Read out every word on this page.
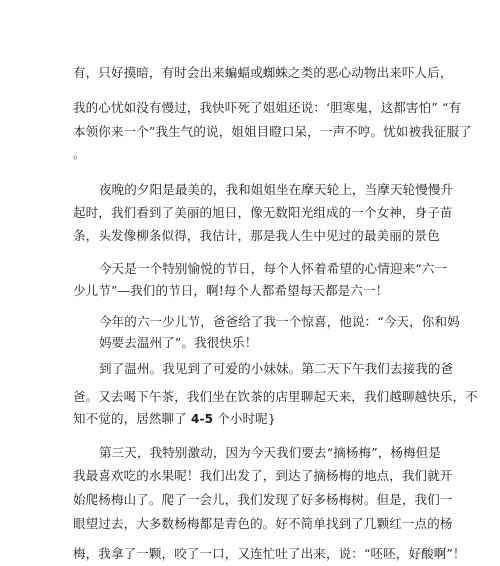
有，只好摸暗，有时会出来蝙蝠或蜘蛛之类的恶心动物出来吓人后，
我的心忧如没有慢过，我快吓死了姐姐还说：‘胆寒鬼，这都害怕” “有
本领你来一个”我生气的说，姐姐目瞪口呆，一声不哼。忧如被我征服了
。
夜晚的夕阳是最美的，我和姐姐坐在摩天轮上，当摩天轮慢慢升
起时，我们看到了美丽的旭日，像无数阳光组成的一个女神，身子苗
条，头发像柳条似得，我估计，那是我人生中见过的最美丽的景色
今天是一个特别愉悦的节日，每个人怀着希望的心情迎来“六一
少儿节”—我们的节日，啊!每个人都希望每天都是六一！
今年的六一少儿节，爸爸给了我一个惊喜，他说：“今天，你和妈
妈要去温州了”。我很快乐！
到了温州。我见到了可爱的小妹妹。第二天下午我们去接我的爸
爸。又去喝下午茶，我们坐在饮茶的店里聊起天来，我们越聊越快乐，不
知不觉的，居然聊了 4-5 个小时呢}
第三天，我特别激动，因为今天我们要去“摘杨梅”，杨梅但是
我最喜欢吃的水果呢！我们出发了，到达了摘杨梅的地点，我们就开
始爬杨梅山了。爬了一会儿，我们发现了好多杨梅树。但是，我们一
眼望过去，大多数杨梅都是青色的。好不简单找到了几颗红一点的杨
梅，我拿了一颗，咬了一口，又连忙吐了出来，说：“呸呸，好酸啊”！
